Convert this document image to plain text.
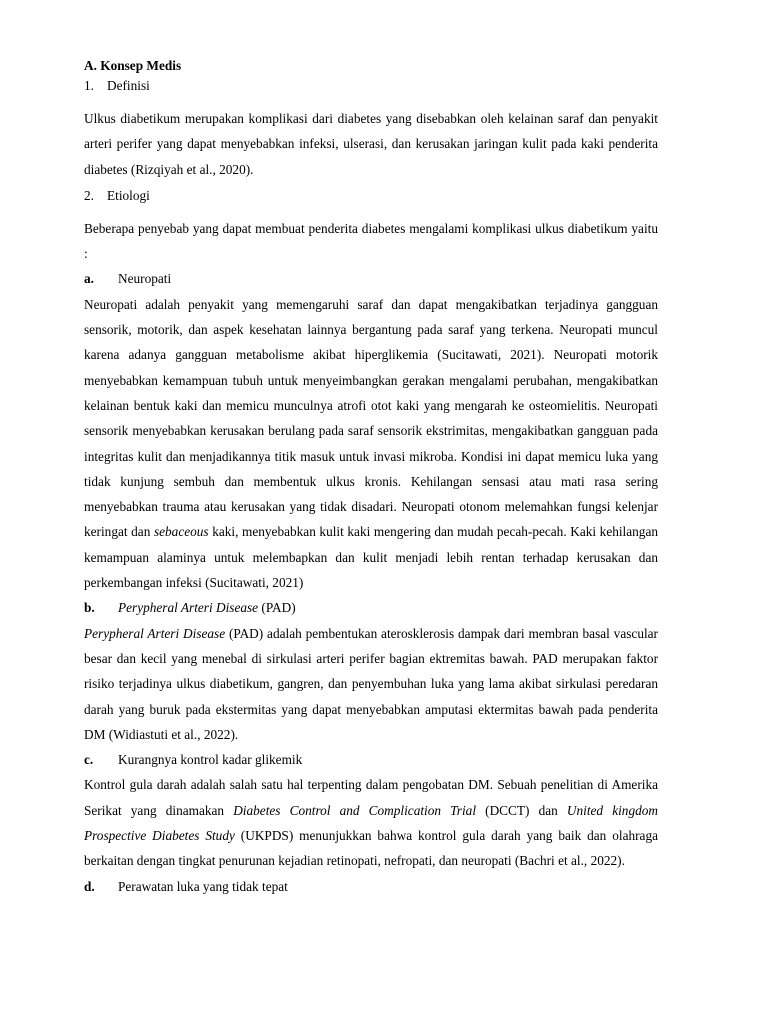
A. Konsep Medis

1. Definisi

Ulkus diabetikum merupakan komplikasi dari diabetes yang disebabkan oleh kelainan saraf dan penyakit arteri perifer yang dapat menyebabkan infeksi, ulserasi, dan kerusakan jaringan kulit pada kaki penderita diabetes (Rizqiyah et al., 2020).

2. Etiologi

Beberapa penyebab yang dapat membuat penderita diabetes mengalami komplikasi ulkus diabetikum yaitu :

a. Neuropati

Neuropati adalah penyakit yang memengaruhi saraf dan dapat mengakibatkan terjadinya gangguan sensorik, motorik, dan aspek kesehatan lainnya bergantung pada saraf yang terkena. Neuropati muncul karena adanya gangguan metabolisme akibat hiperglikemia (Sucitawati, 2021). Neuropati motorik menyebabkan kemampuan tubuh untuk menyeimbangkan gerakan mengalami perubahan, mengakibatkan kelainan bentuk kaki dan memicu munculnya atrofi otot kaki yang mengarah ke osteomielitis. Neuropati sensorik menyebabkan kerusakan berulang pada saraf sensorik ekstrimitas, mengakibatkan gangguan pada integritas kulit dan menjadikannya titik masuk untuk invasi mikroba. Kondisi ini dapat memicu luka yang tidak kunjung sembuh dan membentuk ulkus kronis. Kehilangan sensasi atau mati rasa sering menyebabkan trauma atau kerusakan yang tidak disadari. Neuropati otonom melemahkan fungsi kelenjar keringat dan sebaceous kaki, menyebabkan kulit kaki mengering dan mudah pecah-pecah. Kaki kehilangan kemampuan alaminya untuk melembapkan dan kulit menjadi lebih rentan terhadap kerusakan dan perkembangan infeksi (Sucitawati, 2021)

b. Perypheral Arteri Disease (PAD)

Perypheral Arteri Disease (PAD) adalah pembentukan aterosklerosis dampak dari membran basal vascular besar dan kecil yang menebal di sirkulasi arteri perifer bagian ektremitas bawah. PAD merupakan faktor risiko terjadinya ulkus diabetikum, gangren, dan penyembuhan luka yang lama akibat sirkulasi peredaran darah yang buruk pada ekstermitas yang dapat menyebabkan amputasi ektermitas bawah pada penderita DM (Widiastuti et al., 2022).

c. Kurangnya kontrol kadar glikemik

Kontrol gula darah adalah salah satu hal terpenting dalam pengobatan DM. Sebuah penelitian di Amerika Serikat yang dinamakan Diabetes Control and Complication Trial (DCCT) dan United kingdom Prospective Diabetes Study (UKPDS) menunjukkan bahwa kontrol gula darah yang baik dan olahraga berkaitan dengan tingkat penurunan kejadian retinopati, nefropati, dan neuropati (Bachri et al., 2022).

d. Perawatan luka yang tidak tepat
